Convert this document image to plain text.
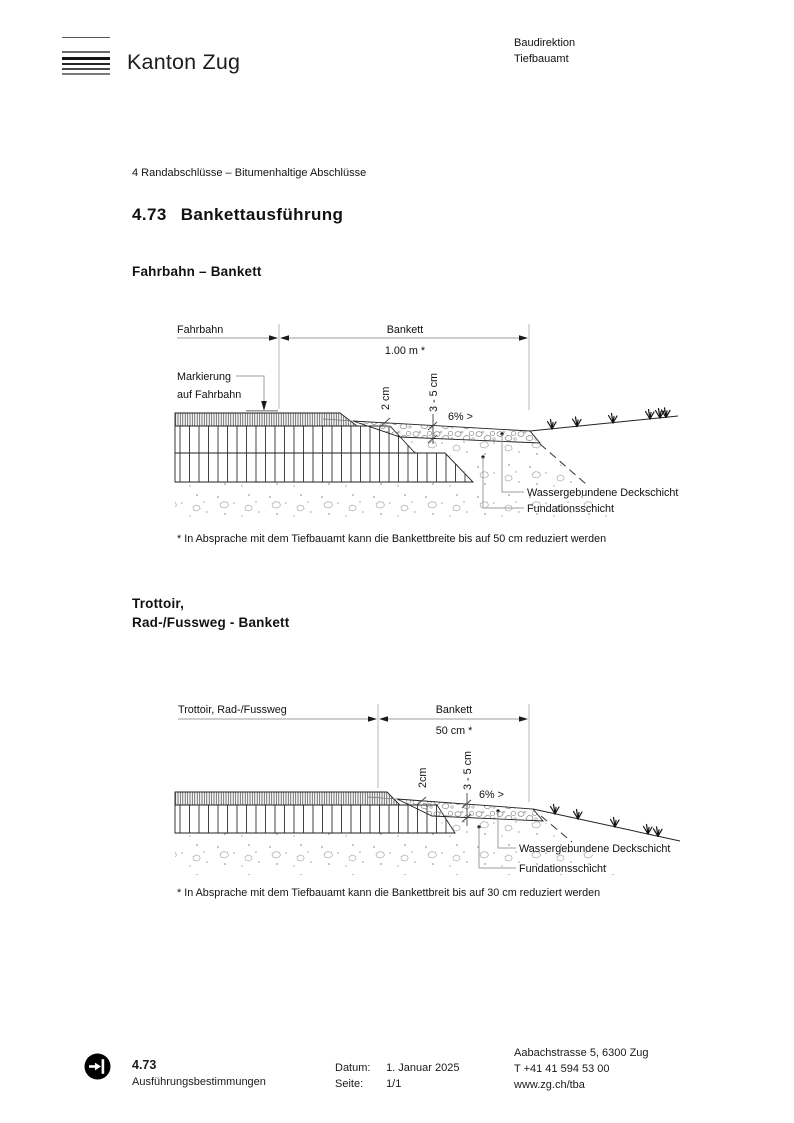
Kanton Zug
Baudirektion
Tiefbauamt
4 Randabschlüsse – Bitumenhaltige Abschlüsse
4.73 Bankettausführung
Fahrbahn – Bankett
Trottoir,
Rad-/Fussweg - Bankett
Fahrbahn	Bankett
1.00 m *
Markierung
auf Fahrbahn	2 cm	3 - 5 cm
6% >
Wassergebundene Deckschicht
Fundationsschicht
Trottoir, Rad-/Fussweg	Bankett
50 cm *
2cm	3 - 5 cm
6% >
Wassergebundene Deckschicht
Fundationsschicht
* In Absprache mit dem Tiefbauamt kann die Bankettbreite bis auf 50 cm reduziert werden
* In Absprache mit dem Tiefbauamt kann die Bankettbreit bis auf 30 cm reduziert werden
4.73
Ausführungsbestimmungen
Datum: 1. Januar 2025
Seite: 1/1
Aabachstrasse 5, 6300 Zug
T +41 41 594 53 00
www.zg.ch/tba
